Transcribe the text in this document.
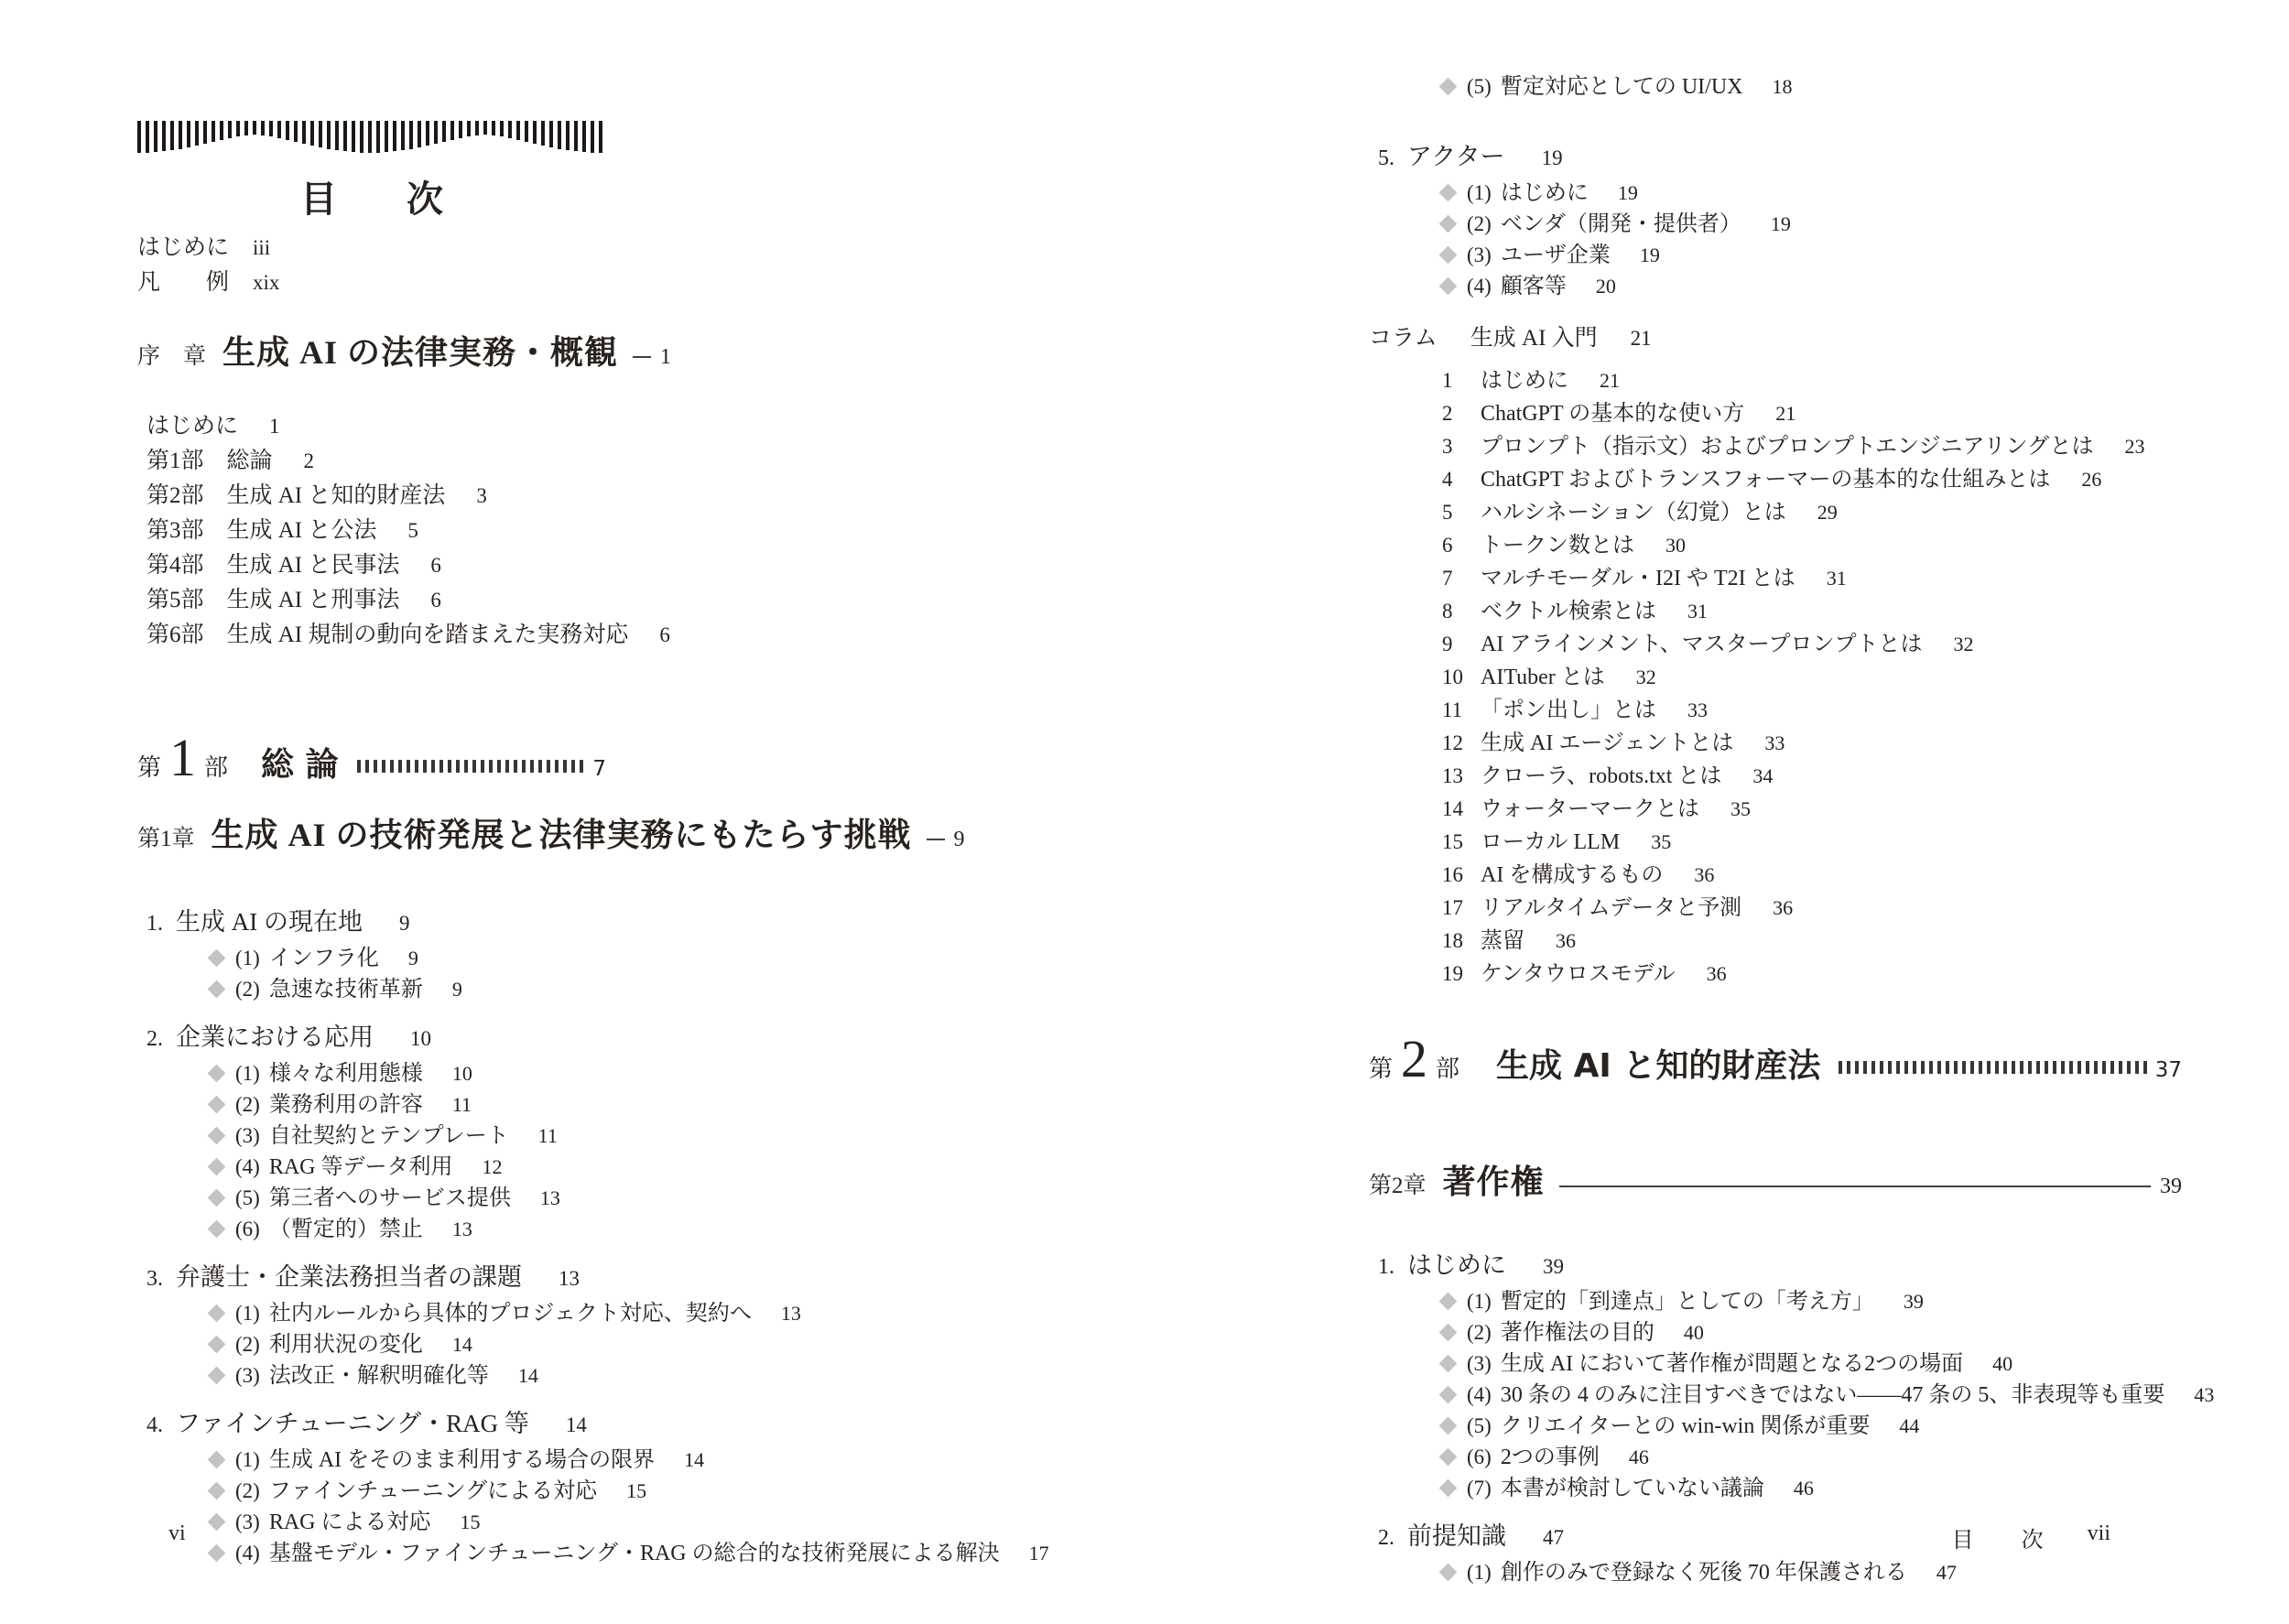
目　次
はじめに iii
凡　　例 xix
序　章 生成 AI の法律実務・概観 1
はじめに 1
第1部　総論 2
第2部　生成 AI と知的財産法 3
第3部　生成 AI と公法 5
第4部　生成 AI と民事法 6
第5部　生成 AI と刑事法 6
第6部　生成 AI 規制の動向を踏まえた実務対応 6
第 1 部 総 論	7
第1章 生成 AI の技術発展と法律実務にもたらす挑戦 9
1. 生成 AI の現在地 9
(1) インフラ化 9
(2) 急速な技術革新 9
2. 企業における応用 10
(1) 様々な利用態様 10
(2) 業務利用の許容 11
(3) 自社契約とテンプレート 11
(4) RAG 等データ利用 12
(5) 第三者へのサービス提供 13
(6) （暫定的）禁止 13
3. 弁護士・企業法務担当者の課題 13
(1) 社内ルールから具体的プロジェクト対応、契約へ 13
(2) 利用状況の変化 14
(3) 法改正・解釈明確化等 14
4. ファインチューニング・RAG 等 14
(1) 生成 AI をそのまま利用する場合の限界 14
(2) ファインチューニングによる対応 15
(3) RAG による対応 15
(4) 基盤モデル・ファインチューニング・RAG の総合的な技術発展による解決 17
vi
(5) 暫定対応としての UI/UX 18
5. アクター 19
(1) はじめに 19
(2) ベンダ（開発・提供者） 19
(3) ユーザ企業 19
(4) 顧客等 20
コラム 生成 AI 入門 21
1	はじめに 21
2	ChatGPT の基本的な使い方 21
3	プロンプト（指示文）およびプロンプトエンジニアリングとは 23
4	ChatGPT およびトランスフォーマーの基本的な仕組みとは 26
5	ハルシネーション（幻覚）とは 29
6	トークン数とは 30
7	マルチモーダル・I2I や T2I とは 31
8	ベクトル検索とは 31
9	AI アラインメント、マスタープロンプトとは 32
10 AITuber とは 32
11 「ポン出し」とは 33
12 生成 AI エージェントとは 33
13 クローラ、robots.txt とは 34
14 ウォーターマークとは 35
15 ローカル LLM 35
16 AI を構成するもの 36
17 リアルタイムデータと予測 36
18 蒸留 36
19 ケンタウロスモデル 36
第 2 部 生成 AI と知的財産法	37
第2章 著作権	39
1. はじめに 39
(1) 暫定的「到達点」としての「考え方」 39
(2) 著作権法の目的 40
(3) 生成 AI において著作権が問題となる2つの場面 40
(4) 30 条の 4 のみに注目すべきではない——47 条の 5、非表現等も重要 43
(5) クリエイターとの win-win 関係が重要 44
(6) 2つの事例 46
(7) 本書が検討していない議論 46
2. 前提知識 47
(1) 創作のみで登録なく死後 70 年保護される 47
目　次 vii
